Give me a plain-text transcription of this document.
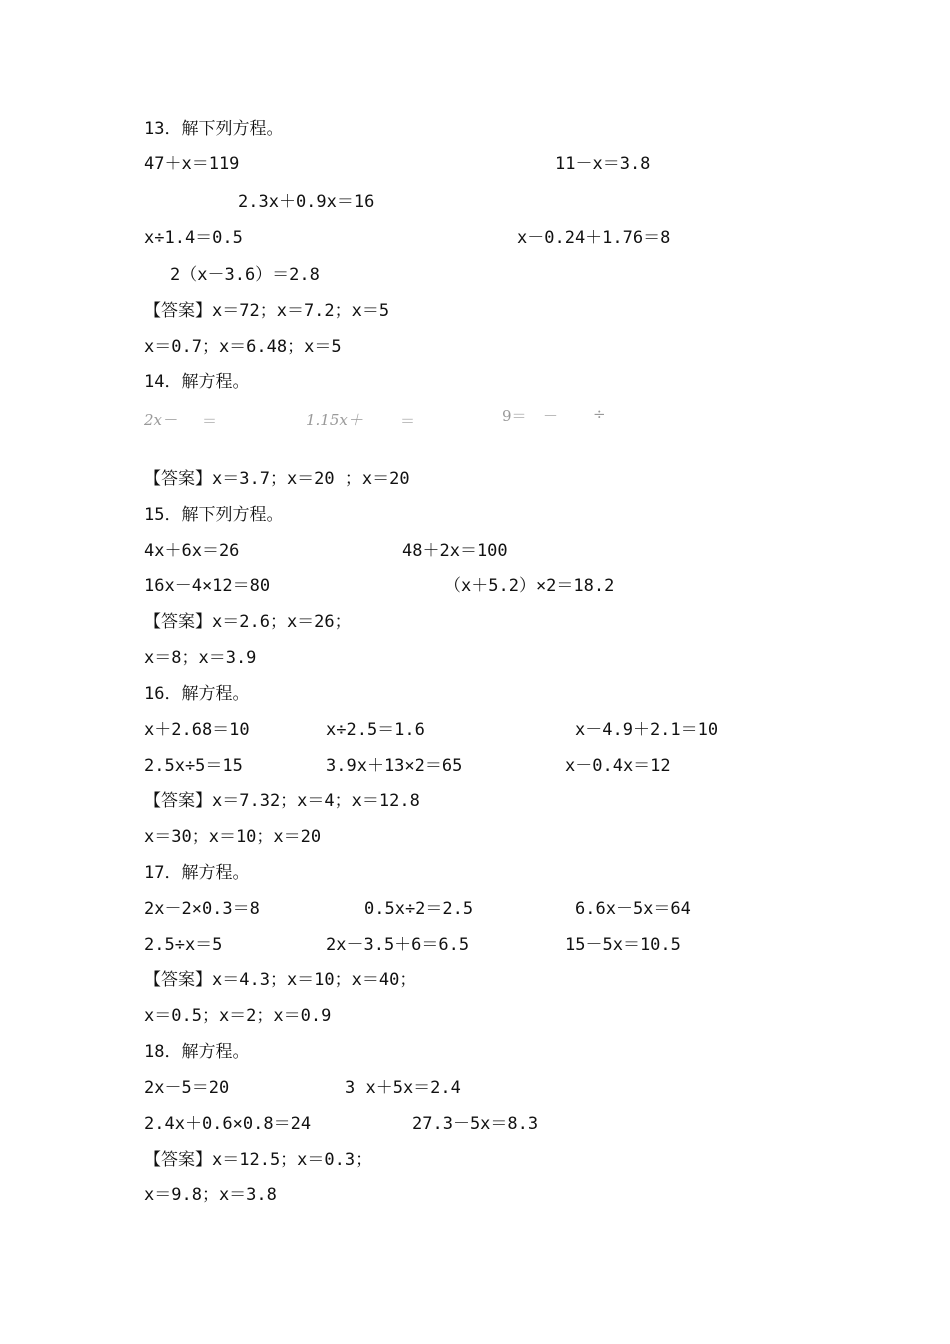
13．解下列方程。
47＋x＝119	11－x＝3.8
2.3x＋0.9x＝16
x÷1.4＝0.5	x－0.24＋1.76＝8
2（x－3.6）＝2.8
【答案】x＝72；x＝7.2；x＝5
x＝0.7；x＝6.48；x＝5
14．解方程。
2x－ ＝	1.15x＋ ＝	9＝ － ÷
【答案】x＝3.7；x＝20 ；x＝20
15．解下列方程。
4x＋6x＝26	48＋2x＝100
16x－4×12＝80	（x＋5.2）×2＝18.2
【答案】x＝2.6；x＝26；
x＝8；x＝3.9
16．解方程。
x＋2.68＝10	x÷2.5＝1.6	x－4.9＋2.1＝10
2.5x÷5＝15	3.9x＋13×2＝65	x－0.4x＝12
【答案】x＝7.32；x＝4；x＝12.8
x＝30；x＝10；x＝20
17．解方程。
2x－2×0.3＝8	0.5x÷2＝2.5	6.6x－5x＝64
2.5÷x＝5	2x－3.5＋6＝6.5	15－5x＝10.5
【答案】x＝4.3；x＝10；x＝40；
x＝0.5；x＝2；x＝0.9
18．解方程。
2x－5＝20	3 x＋5x＝2.4
2.4x＋0.6×0.8＝24	27.3－5x＝8.3
【答案】x＝12.5；x＝0.3；
x＝9.8；x＝3.8
